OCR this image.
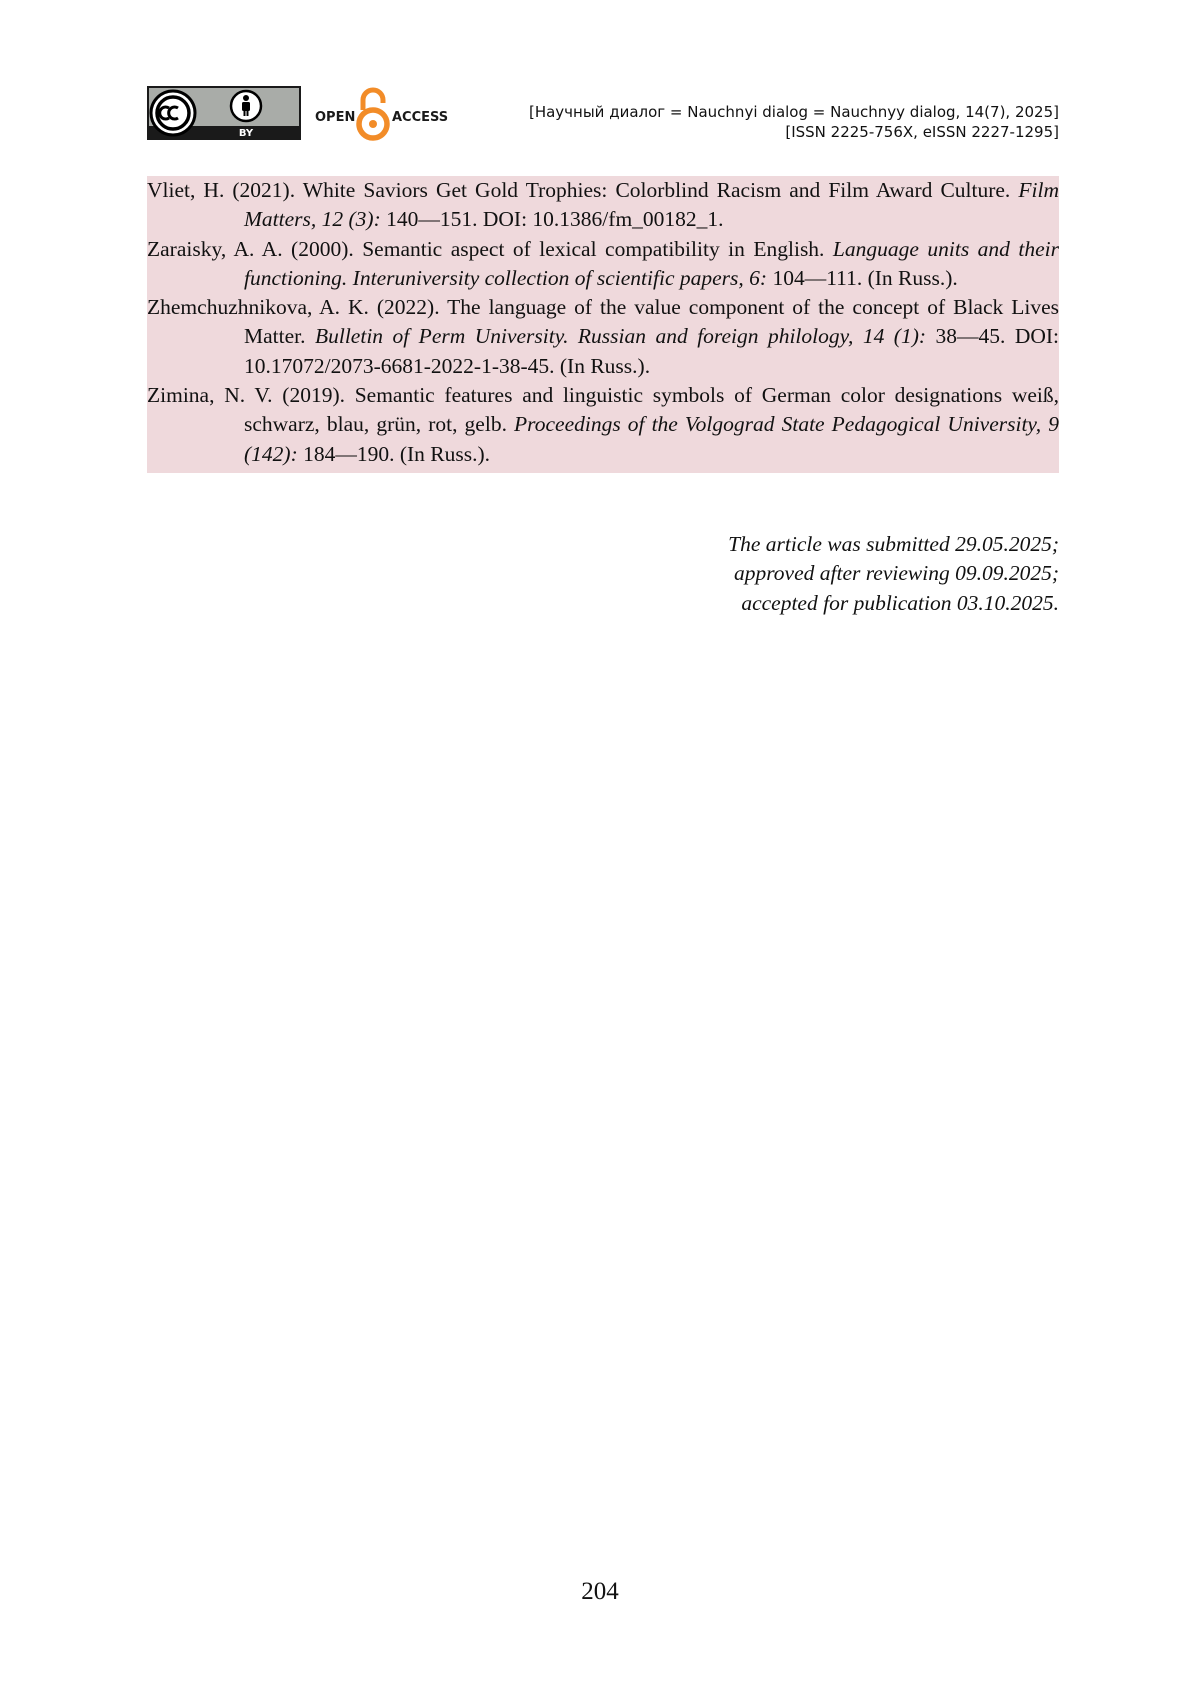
BY
OPEN	ACCESS	[Научный диалог = Nauchnyi dialog = Nauchnyy dialog, 14(7), 2025]
[ISSN 2225-756X, eISSN 2227-1295]

Vliet, H. (2021). White Saviors Get Gold Trophies: Colorblind Racism and Film Award Culture. Film Matters, 12 (3): 140—151. DOI: 10.1386/fm_00182_1.

Zaraisky, A. A. (2000). Semantic aspect of lexical compatibility in English. Language units and their functioning. Interuniversity collection of scientific papers, 6: 104—111. (In Russ.).

Zhemchuzhnikova, A. K. (2022). The language of the value component of the concept of Black Lives Matter. Bulletin of Perm University. Russian and foreign philology, 14 (1): 38—45. DOI: 10.17072/2073-6681-2022-1-38-45. (In Russ.).

Zimina, N. V. (2019). Semantic features and linguistic symbols of German color designations weiß, schwarz, blau, grün, rot, gelb. Proceedings of the Volgograd State Pedagogical University, 9 (142): 184—190. (In Russ.).

The article was submitted 29.05.2025;
approved after reviewing 09.09.2025;
accepted for publication 03.10.2025.
204
